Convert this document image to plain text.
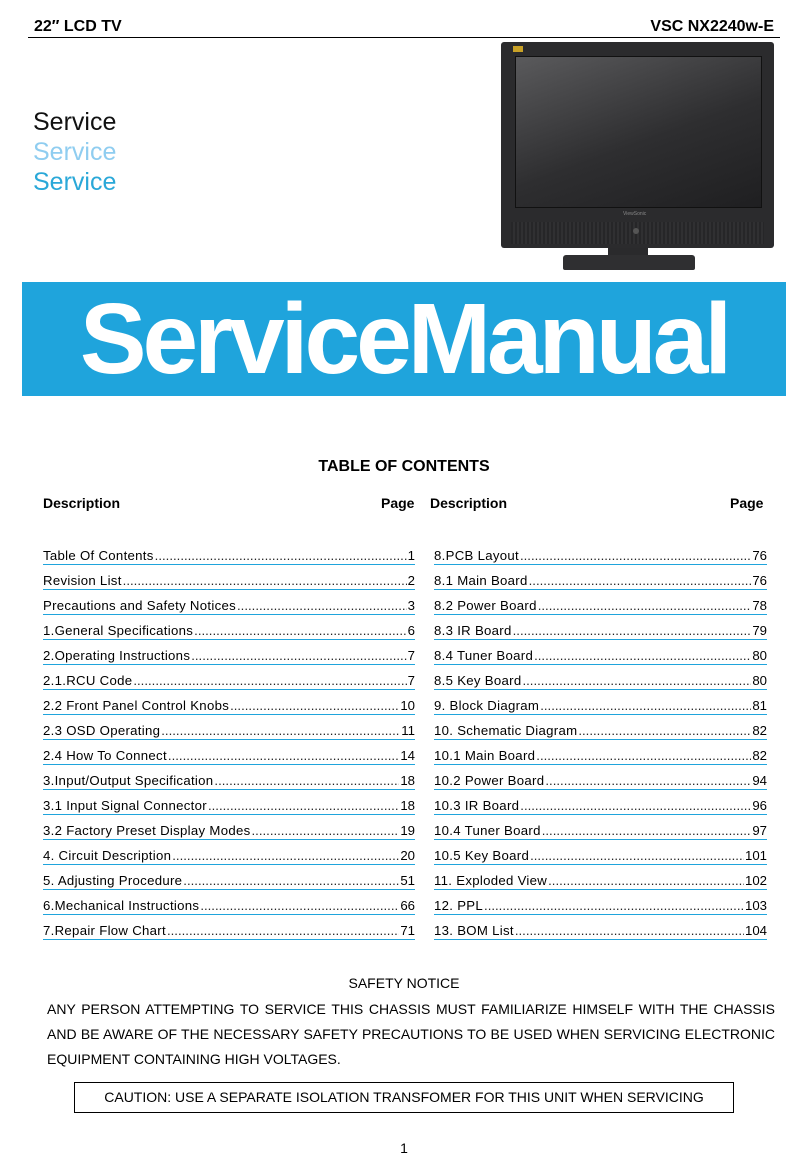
22″ LCD TV	VSC NX2240w-E
Service
Service
Service
ViewSonic
ServiceManual
TABLE OF CONTENTS
Description	Page Description	Page
Table Of Contents .....	1
Revision List .....	2
Precautions and Safety Notices .....	3
1.General Specifications .....	6
2.Operating Instructions .....	7
2.1.RCU Code .....	7
2.2 Front Panel Control Knobs .....	10
2.3 OSD Operating .....	11
2.4 How To Connect .....	14
3.Input/Output Specification .....	18
3.1 Input Signal Connector .....	18
3.2 Factory Preset Display Modes .....	19
4. Circuit Description .....	20
5. Adjusting Procedure .....	51
6.Mechanical Instructions .....	66
7.Repair Flow Chart .....	71
8.PCB Layout .....	76
8.1 Main Board .....	76
8.2 Power Board .....	78
8.3 IR Board .....	79
8.4 Tuner Board .....	80
8.5 Key Board .....	80
9. Block Diagram .....	81
10. Schematic Diagram .....	82
10.1 Main Board .....	82
10.2 Power Board .....	94
10.3 IR Board .....	96
10.4 Tuner Board .....	97
10.5 Key Board .....	101
11. Exploded View .....	102
12. PPL .....	103
13. BOM List .....	104
SAFETY NOTICE
ANY PERSON ATTEMPTING TO SERVICE THIS CHASSIS MUST FAMILIARIZE HIMSELF WITH THE CHASSIS AND BE AWARE OF THE NECESSARY SAFETY PRECAUTIONS TO BE USED WHEN SERVICING ELECTRONIC EQUIPMENT CONTAINING HIGH VOLTAGES.
CAUTION: USE A SEPARATE ISOLATION TRANSFOMER FOR THIS UNIT WHEN SERVICING
1
